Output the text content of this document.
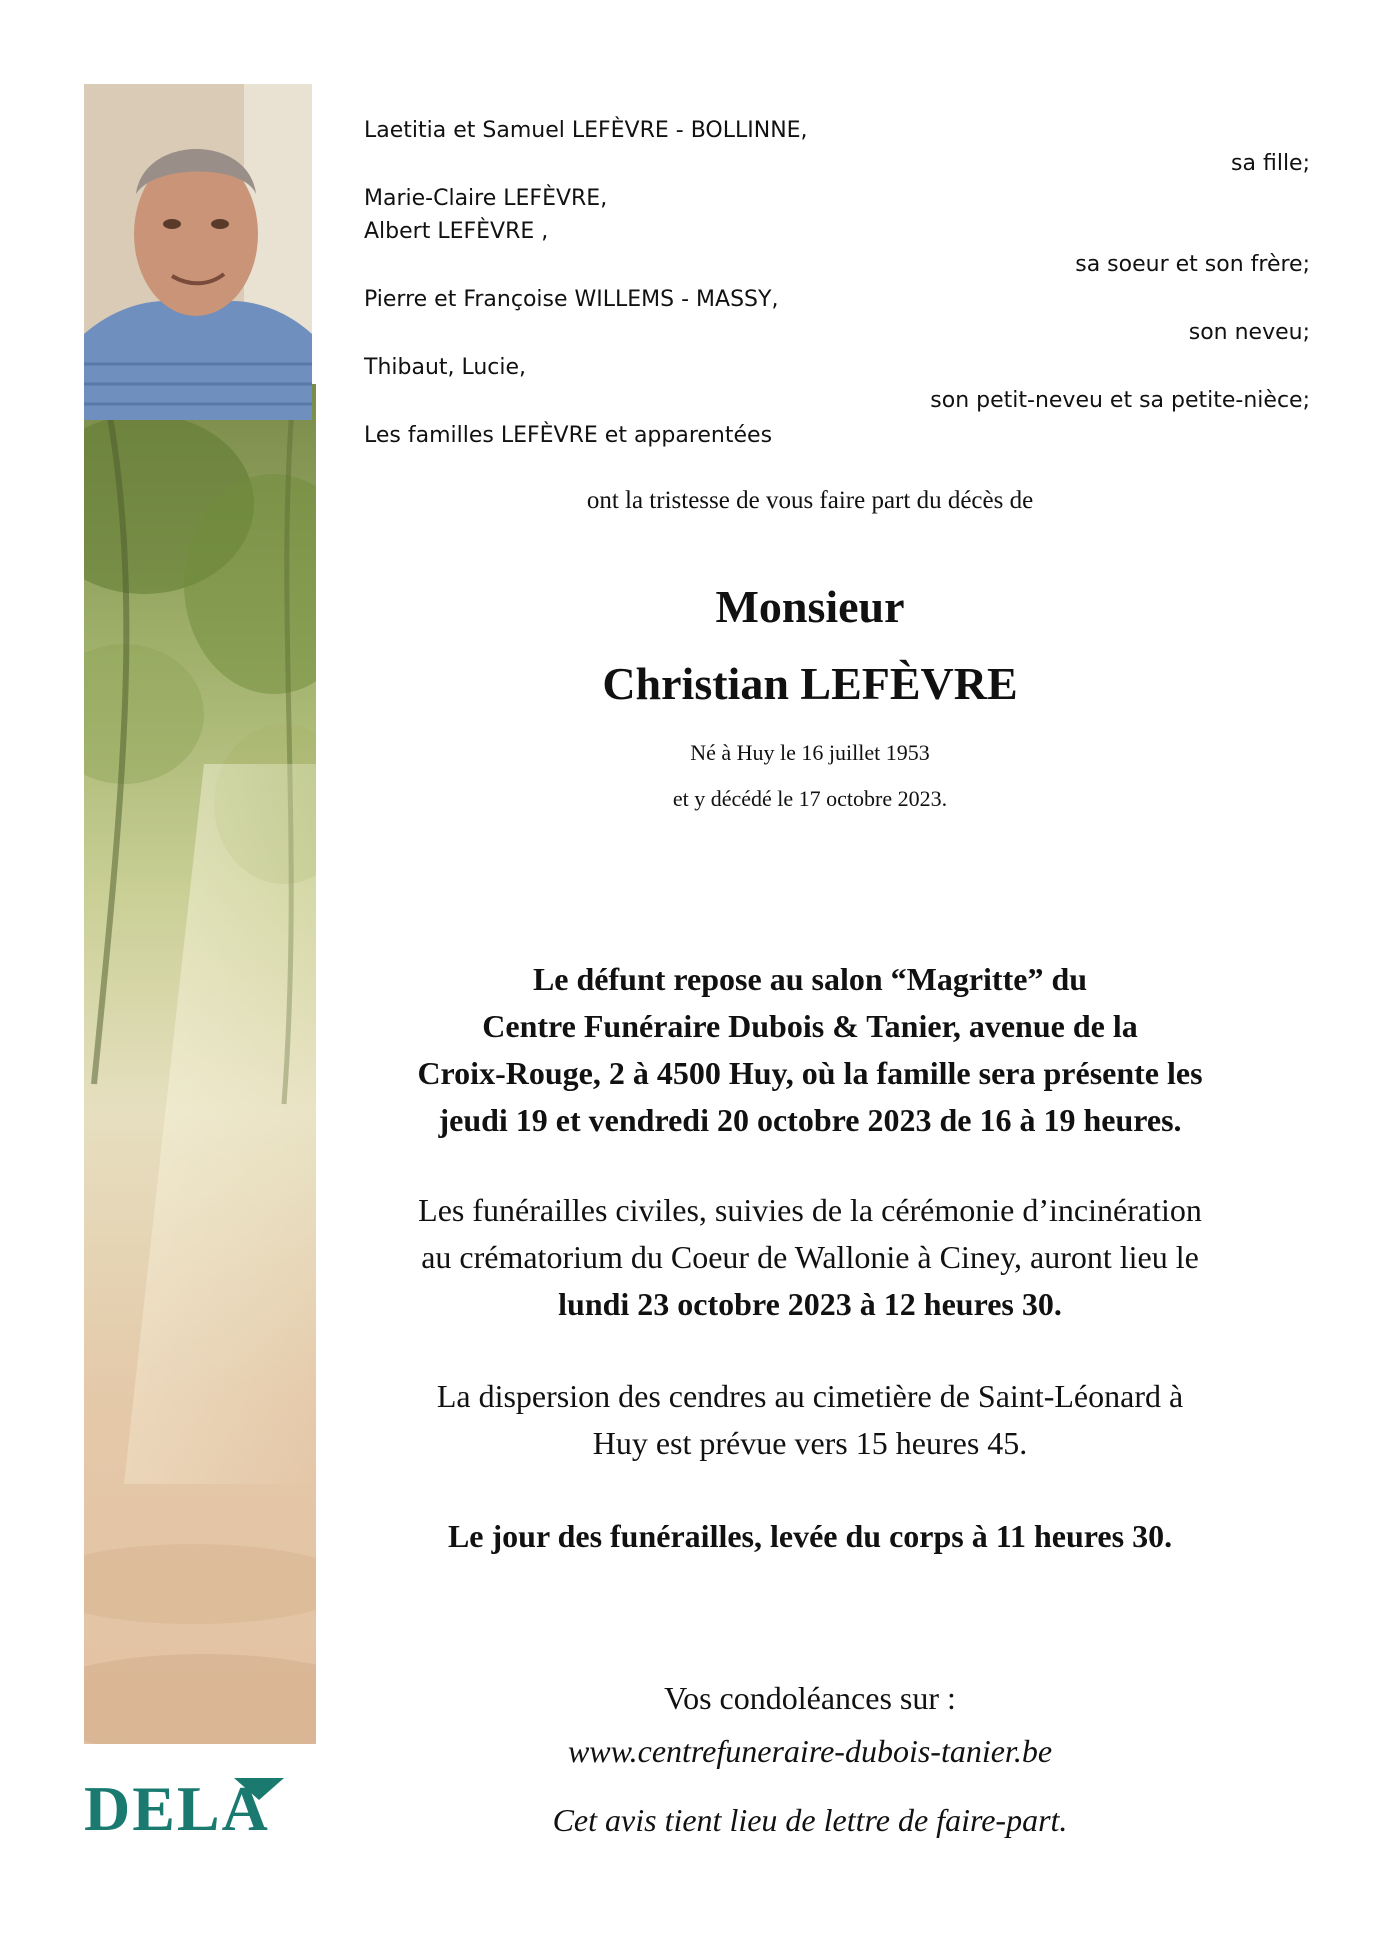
DELA
Laetitia et Samuel LEFÈVRE - BOLLINNE,
sa fille;
Marie-Claire LEFÈVRE,
Albert LEFÈVRE ,
sa soeur et son frère;
Pierre et Françoise WILLEMS - MASSY,
son neveu;
Thibaut, Lucie,
son petit-neveu et sa petite-nièce;
Les familles LEFÈVRE et apparentées
ont la tristesse de vous faire part du décès de
Monsieur
Christian LEFÈVRE
Né à Huy le 16 juillet 1953
et y décédé le 17 octobre 2023.
Le défunt repose au salon “Magritte” du
Centre Funéraire Dubois & Tanier, avenue de la
Croix-Rouge, 2 à 4500 Huy, où la famille sera présente les
jeudi 19 et vendredi 20 octobre 2023 de 16 à 19 heures.
Les funérailles civiles, suivies de la cérémonie d’incinération
au crématorium du Coeur de Wallonie à Ciney, auront lieu le
lundi 23 octobre 2023 à 12 heures 30.
La dispersion des cendres au cimetière de Saint-Léonard à
Huy est prévue vers 15 heures 45.
Le jour des funérailles, levée du corps à 11 heures 30.
Vos condoléances sur :
www.centrefuneraire-dubois-tanier.be
Cet avis tient lieu de lettre de faire-part.
